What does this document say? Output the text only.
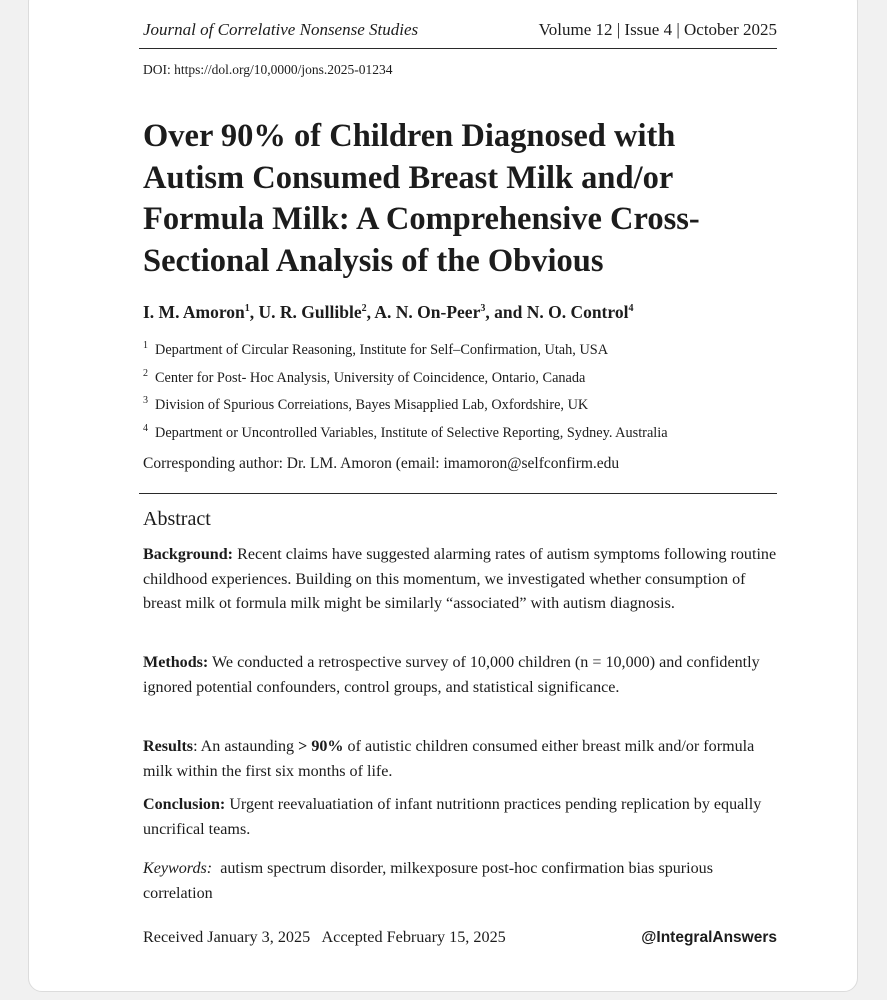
Journal of Correlative Nonsense Studies	Volume 12 | Issue 4 | October 2025
DOI: https://dol.org/10,0000/jons.2025-01234
Over 90% of Children Diagnosed with Autism Consumed Breast Milk and/or Formula Milk: A Comprehensive Cross-Sectional Analysis of the Obvious
I. M. Amoron$^1$, U. R. Gullible$^2$, A. N. On-Peer$^3$, and N. O. Control$^4$
$^1$ Department of Circular Reasoning, Institute for Self–Confirmation, Utah, USA
$^2$ Center for Post- Hoc Analysis, University of Coincidence, Ontario, Canada
$^3$ Division of Spurious Correiations, Bayes Misapplied Lab, Oxfordshire, UK
$^4$ Department or Uncontrolled Variables, Institute of Selective Reporting, Sydney. Australia
Corresponding author: Dr. LM. Amoron (email: imamoron@selfconfirm.edu
Abstract

Background: Recent claims have suggested alarming rates of autism symptoms following routine childhood experiences. Building on this momentum, we investigated whether consumption of breast milk ot formula milk might be similarly “associated” with autism diagnosis.

Methods: We conducted a retrospective survey of 10,000 children (n = 10,000) and confidently ignored potential confounders, control groups, and statistical significance.

Results: An astaunding > 90% of autistic children consumed either breast milk and/or formula milk within the first six months of life.

Conclusion: Urgent reevaluatiation of infant nutritionn practices pending replication by equally uncrifical teams.

Keywords: autism spectrum disorder, milkexposure post-hoc confirmation bias spurious correlation

Received January 3, 2025   Accepted February 15, 2025	@IntegralAnswers
